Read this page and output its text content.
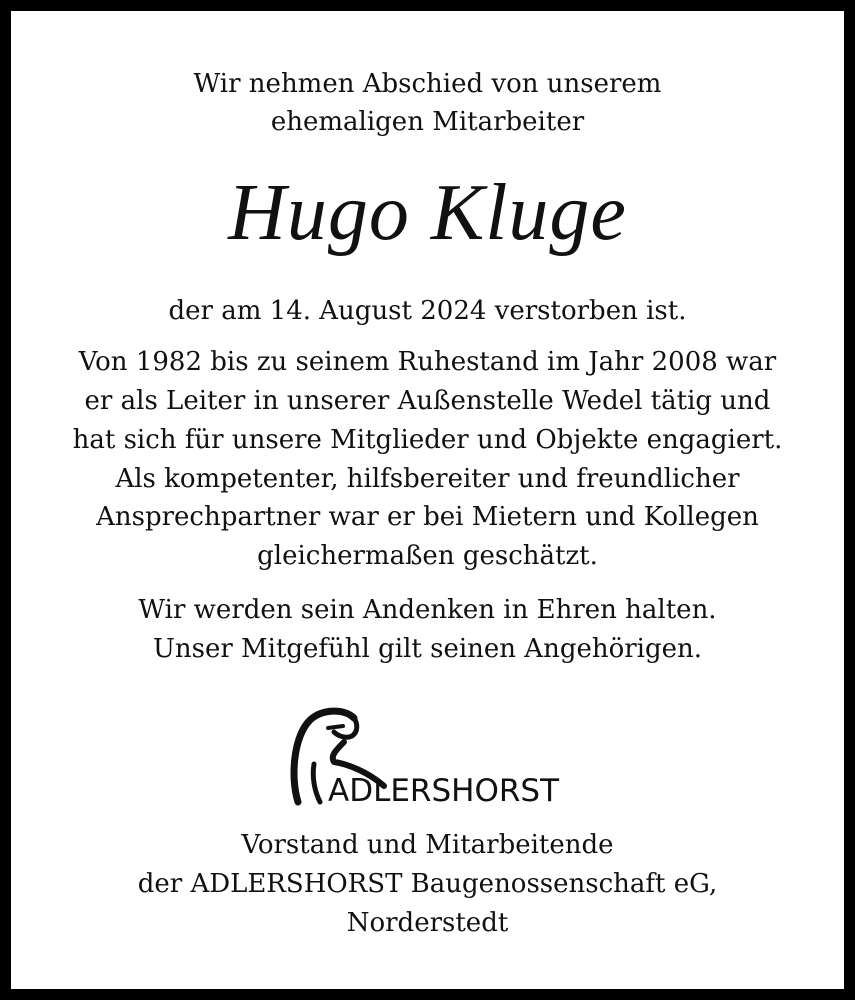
Wir nehmen Abschied von unserem
ehemaligen Mitarbeiter
Hugo Kluge
der am 14. August 2024 verstorben ist.
Von 1982 bis zu seinem Ruhestand im Jahr 2008 war
er als Leiter in unserer Außenstelle Wedel tätig und
hat sich für unsere Mitglieder und Objekte engagiert.
Als kompetenter, hilfsbereiter und freundlicher
Ansprechpartner war er bei Mietern und Kollegen
gleichermaßen geschätzt.
Wir werden sein Andenken in Ehren halten.
Unser Mitgefühl gilt seinen Angehörigen.
ADLERSHORST
Vorstand und Mitarbeitende
der ADLERSHORST Baugenossenschaft eG,
Norderstedt
